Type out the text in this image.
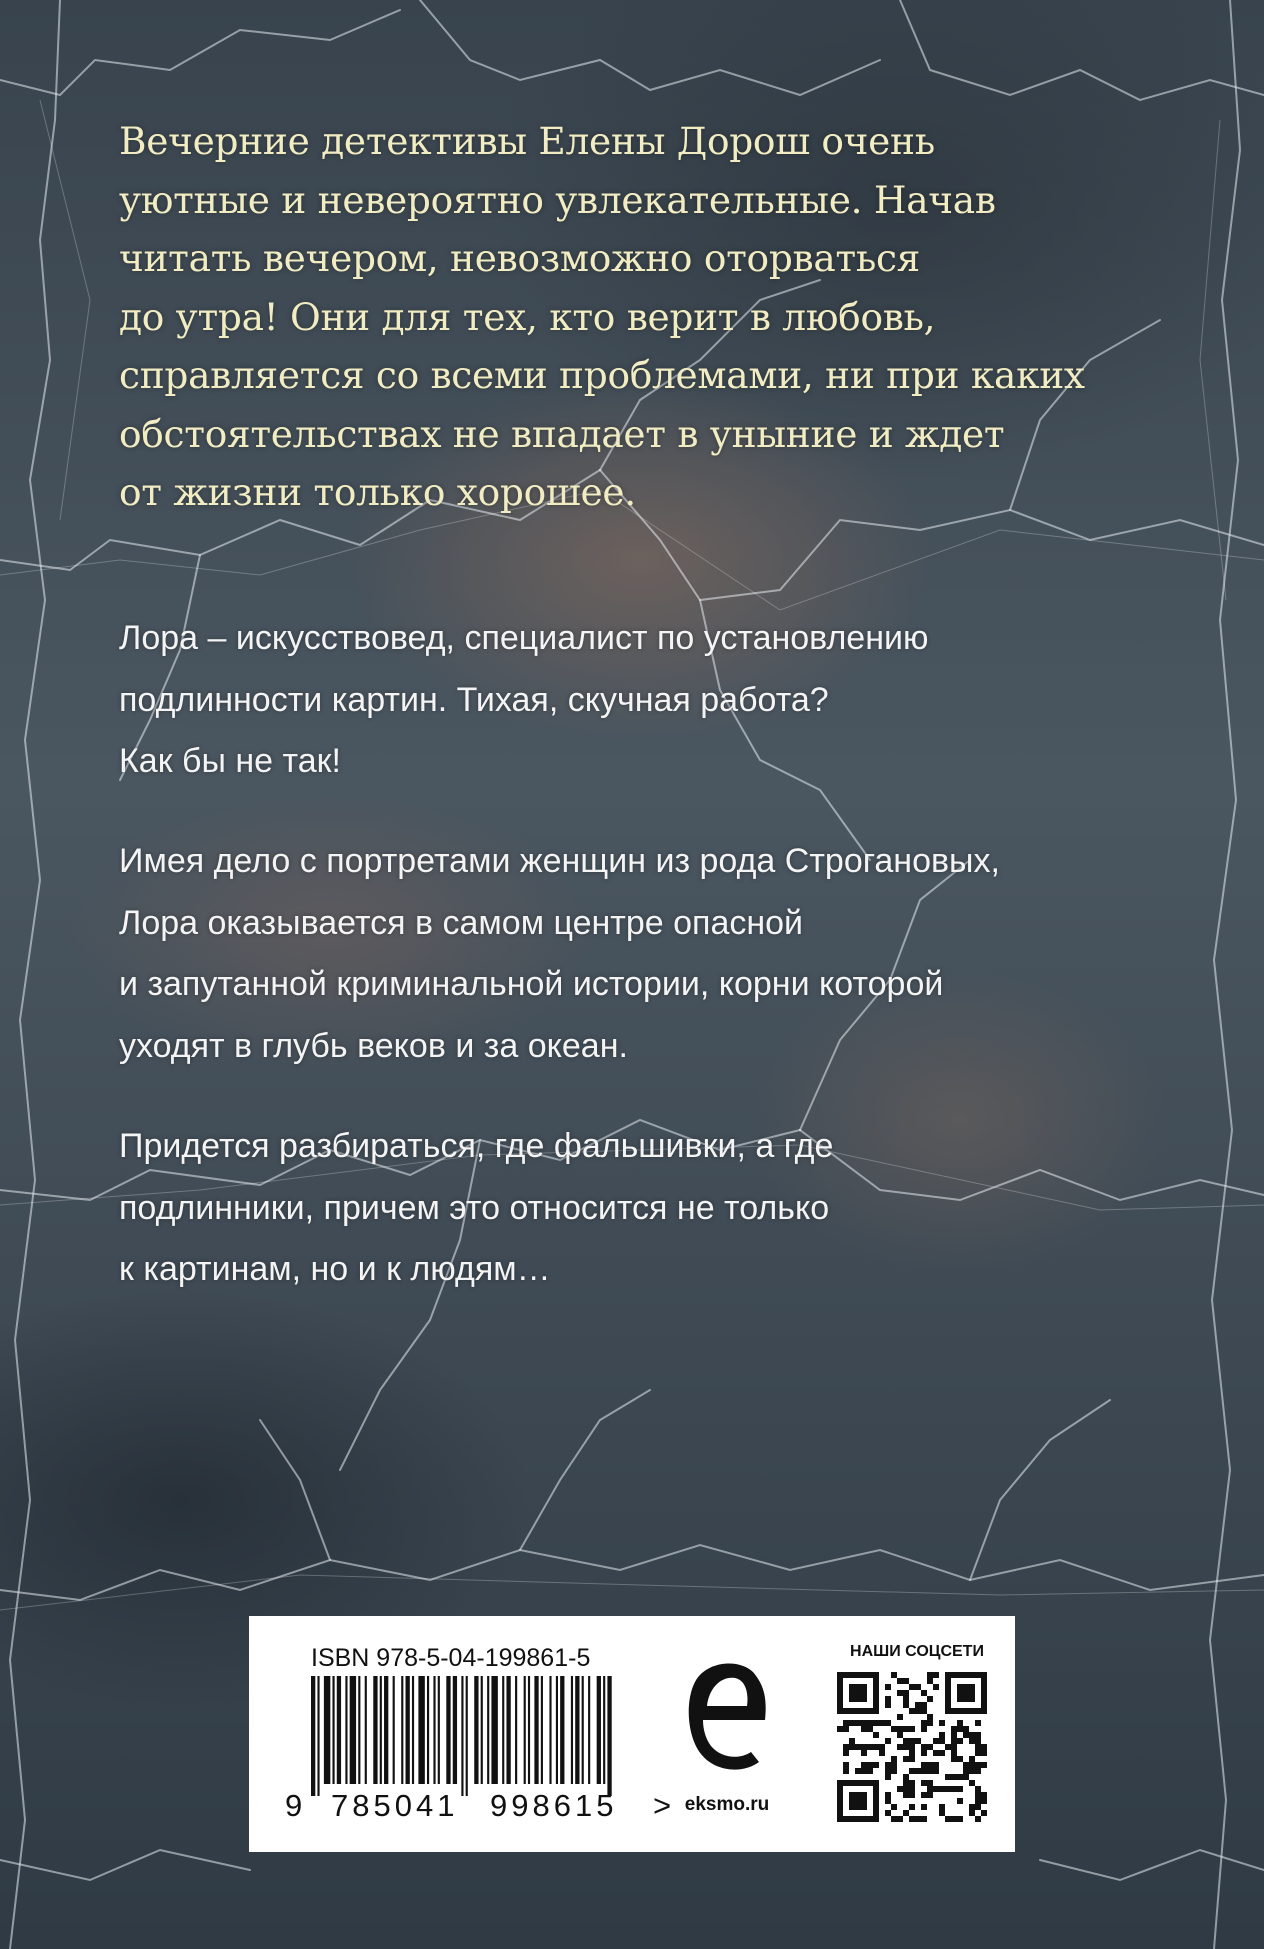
Вечерние детективы Елены Дорош очень
уютные и невероятно увлекательные. Начав
читать вечером, невозможно оторваться
до утра! Они для тех, кто верит в любовь,
справляется со всеми проблемами, ни при каких
обстоятельствах не впадает в уныние и ждет
от жизни только хорошее.
Лора – искусствовед, специалист по установлению
подлинности картин. Тихая, скучная работа?
Как бы не так!
Имея дело с портретами женщин из рода Строгановых,
Лора оказывается в самом центре опасной
и запутанной криминальной истории, корни которой
уходят в глубь веков и за океан.
Придется разбираться, где фальшивки, а где
подлинники, причем это относится не только
к картинам, но и к людям…
ISBN 978-5-04-199861-5
9 785041 998615 > eksmo.ru
НАШИ СОЦСЕТИ
